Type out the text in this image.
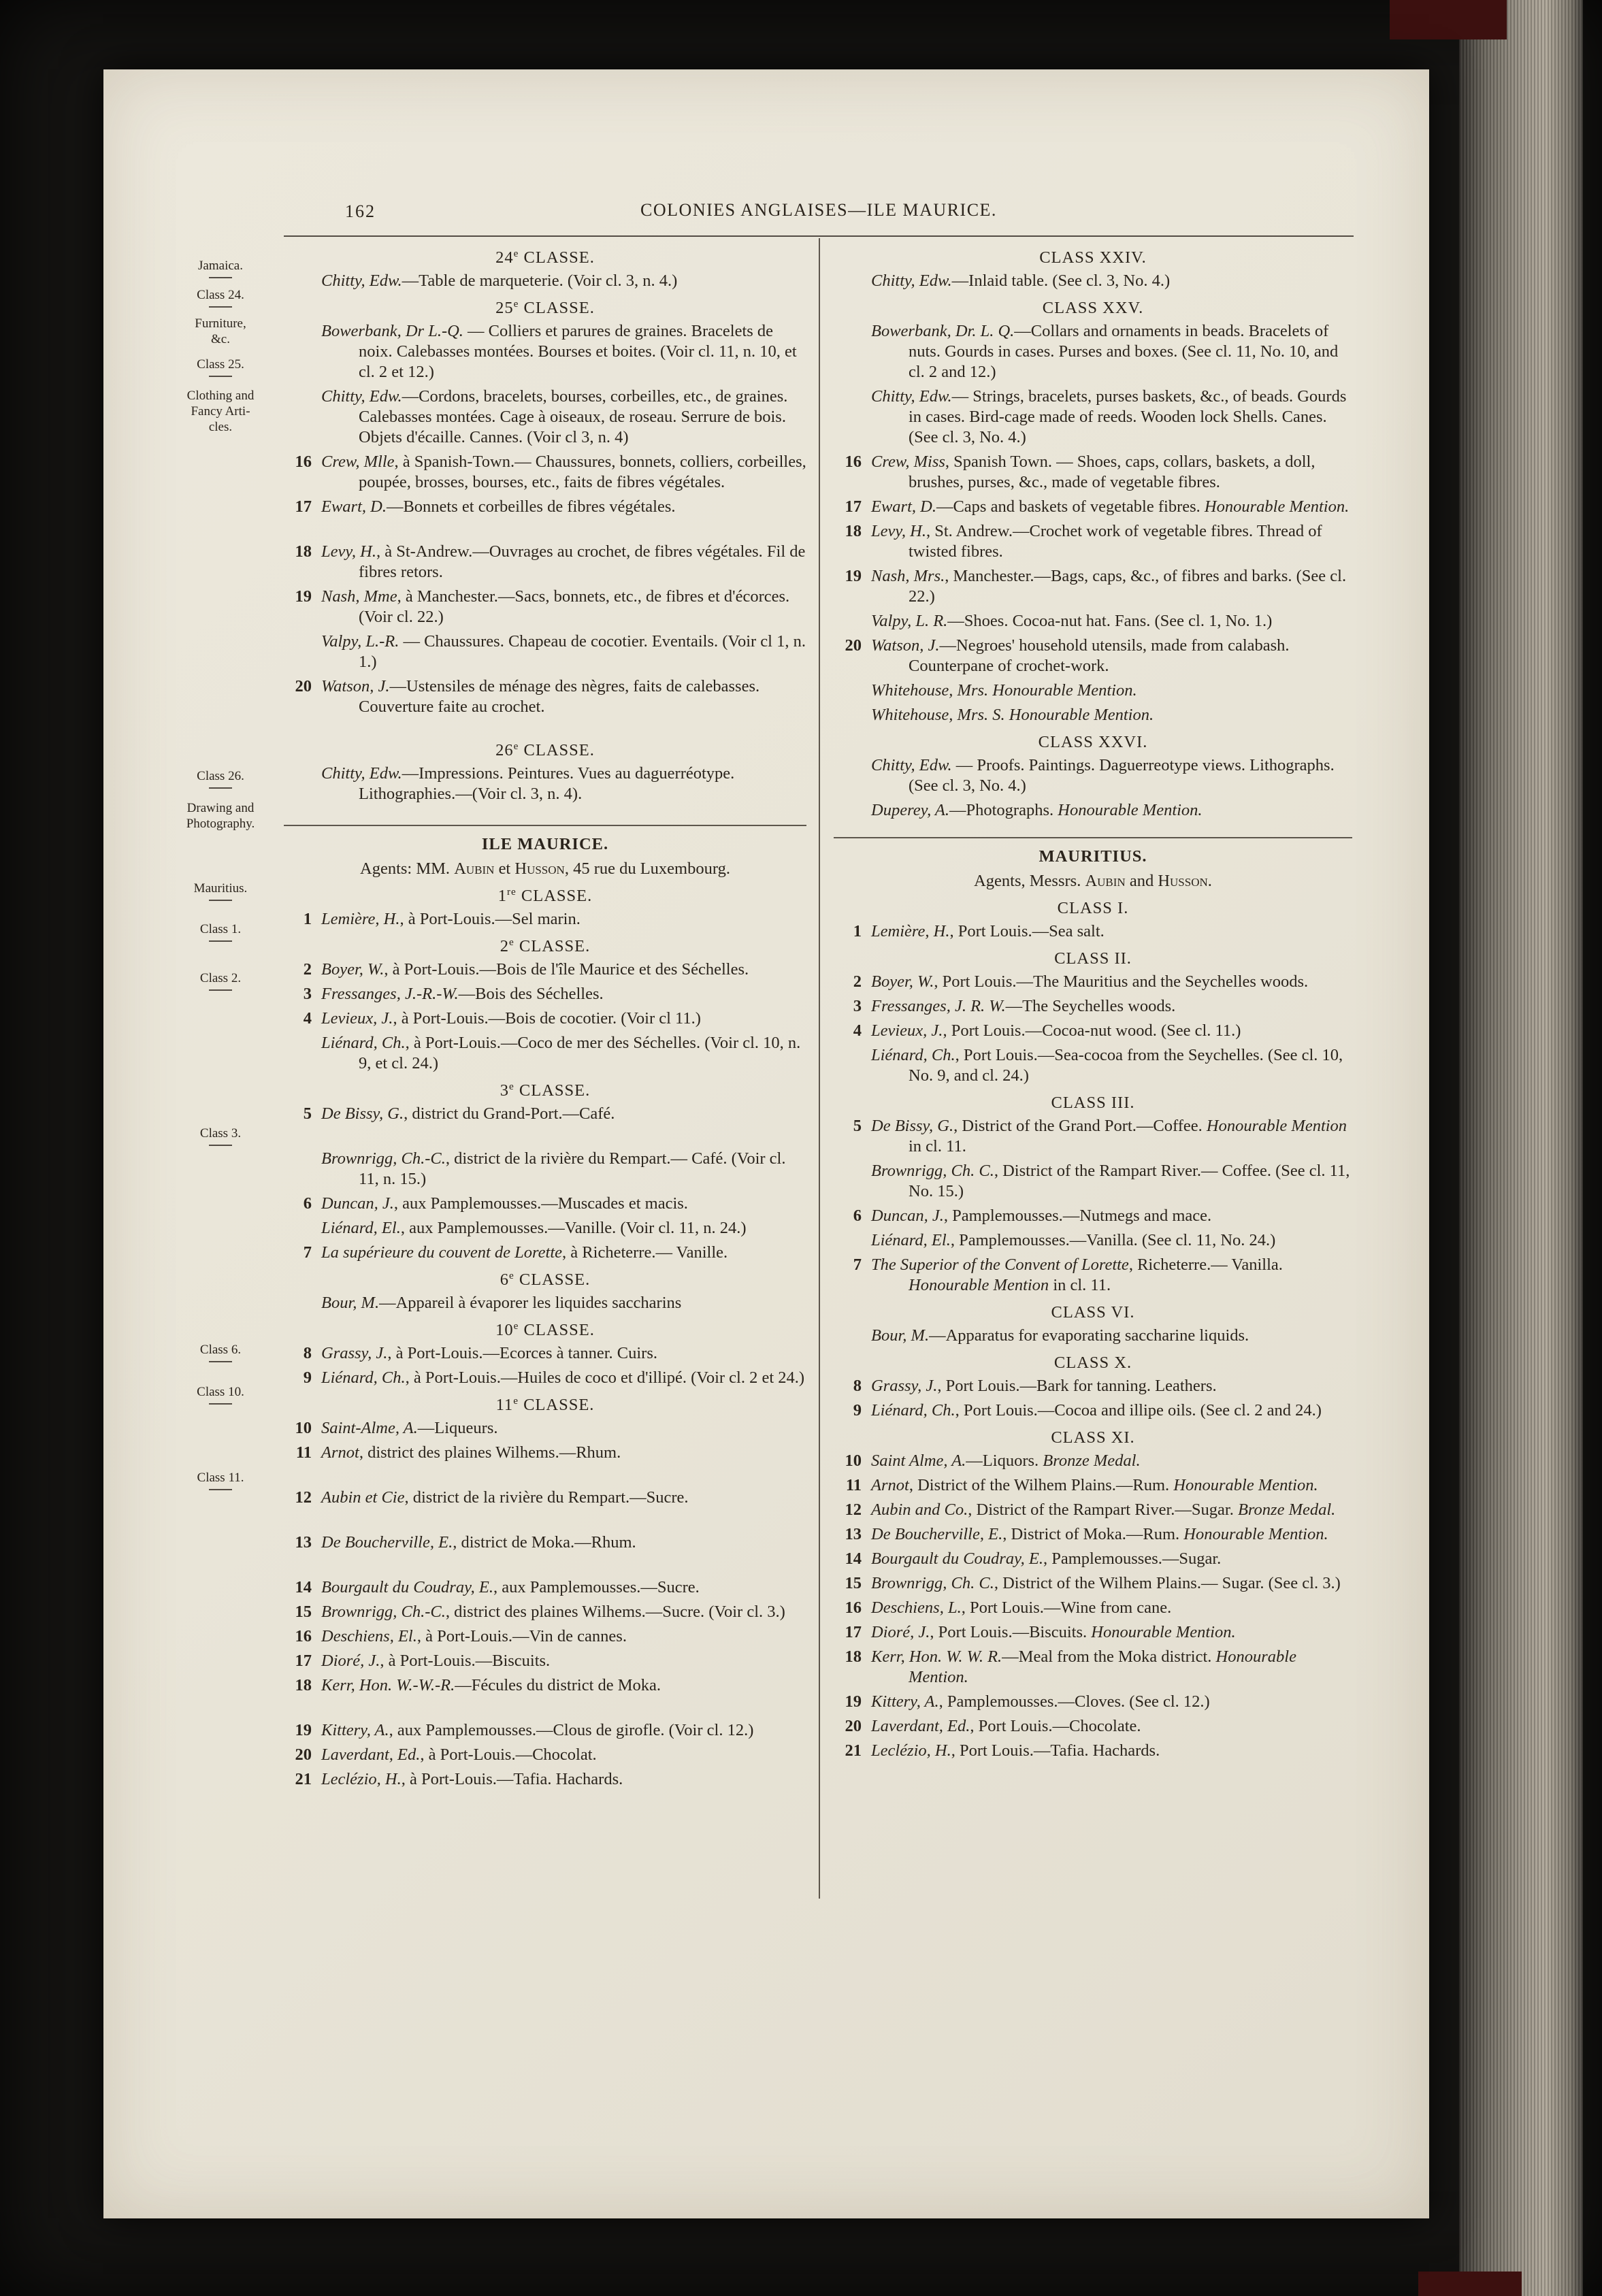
162	COLONIES ANGLAISES—ILE MAURICE.
Jamaica.
Class 24.
Furniture,
&c.
Class 25.
Clothing and
Fancy Arti-
cles.
Class 26.
Drawing and
Photography.
Mauritius.
Class 1.
Class 2.
Class 3.
Class 6.
Class 10.
Class 11.
24e CLASSE.
Chitty, Edw.—Table de marqueterie. (Voir cl. 3, n. 4.)
25e CLASSE.
Bowerbank, Dr L.-Q. — Colliers et parures de graines. Bracelets de noix. Calebasses montées. Bourses et boites. (Voir cl. 11, n. 10, et cl. 2 et 12.)
Chitty, Edw.—Cordons, bracelets, bourses, corbeilles, etc., de graines. Calebasses montées. Cage à oiseaux, de roseau. Serrure de bois. Objets d'écaille. Cannes. (Voir cl 3, n. 4)
16 Crew, Mlle, à Spanish-Town.— Chaussures, bonnets, colliers, corbeilles, poupée, brosses, bourses, etc., faits de fibres végétales.
17 Ewart, D.—Bonnets et corbeilles de fibres végétales.
18 Levy, H., à St-Andrew.—Ouvrages au crochet, de fibres végétales. Fil de fibres retors.
19 Nash, Mme, à Manchester.—Sacs, bonnets, etc., de fibres et d'écorces. (Voir cl. 22.)
Valpy, L.-R. — Chaussures. Chapeau de cocotier. Eventails. (Voir cl 1, n. 1.)
20 Watson, J.—Ustensiles de ménage des nègres, faits de calebasses. Couverture faite au crochet.
26e CLASSE.
Chitty, Edw.—Impressions. Peintures. Vues au daguerréotype. Lithographies.—(Voir cl. 3, n. 4).
ILE MAURICE.
Agents: MM. Aubin et Husson, 45 rue du Luxembourg.
1re CLASSE.
1 Lemière, H., à Port-Louis.—Sel marin.
2e CLASSE.
2 Boyer, W., à Port-Louis.—Bois de l'île Maurice et des Séchelles.
3 Fressanges, J.-R.-W.—Bois des Séchelles.
4 Levieux, J., à Port-Louis.—Bois de cocotier. (Voir cl 11.)
Liénard, Ch., à Port-Louis.—Coco de mer des Séchelles. (Voir cl. 10, n. 9, et cl. 24.)
3e CLASSE.
5 De Bissy, G., district du Grand-Port.—Café.
Brownrigg, Ch.-C., district de la rivière du Rempart.— Café. (Voir cl. 11, n. 15.)
6 Duncan, J., aux Pamplemousses.—Muscades et macis.
Liénard, El., aux Pamplemousses.—Vanille. (Voir cl. 11, n. 24.)
7 La supérieure du couvent de Lorette, à Richeterre.— Vanille.
6e CLASSE.
Bour, M.—Appareil à évaporer les liquides saccharins
10e CLASSE.
8 Grassy, J., à Port-Louis.—Ecorces à tanner. Cuirs.
9 Liénard, Ch., à Port-Louis.—Huiles de coco et d'illipé. (Voir cl. 2 et 24.)
11e CLASSE.
10 Saint-Alme, A.—Liqueurs.
11 Arnot, district des plaines Wilhems.—Rhum.
12 Aubin et Cie, district de la rivière du Rempart.—Sucre.
13 De Boucherville, E., district de Moka.—Rhum.
14 Bourgault du Coudray, E., aux Pamplemousses.—Sucre.
15 Brownrigg, Ch.-C., district des plaines Wilhems.—Sucre. (Voir cl. 3.)
16 Deschiens, El., à Port-Louis.—Vin de cannes.
17 Dioré, J., à Port-Louis.—Biscuits.
18 Kerr, Hon. W.-W.-R.—Fécules du district de Moka.
19 Kittery, A., aux Pamplemousses.—Clous de girofle. (Voir cl. 12.)
20 Laverdant, Ed., à Port-Louis.—Chocolat.
21 Leclézio, H., à Port-Louis.—Tafia. Hachards.
CLASS XXIV.
Chitty, Edw.—Inlaid table. (See cl. 3, No. 4.)
CLASS XXV.
Bowerbank, Dr. L. Q.—Collars and ornaments in beads. Bracelets of nuts. Gourds in cases. Purses and boxes. (See cl. 11, No. 10, and cl. 2 and 12.)
Chitty, Edw.— Strings, bracelets, purses baskets, &c., of beads. Gourds in cases. Bird-cage made of reeds. Wooden lock Shells. Canes. (See cl. 3, No. 4.)
16 Crew, Miss, Spanish Town. — Shoes, caps, collars, baskets, a doll, brushes, purses, &c., made of vegetable fibres.
17 Ewart, D.—Caps and baskets of vegetable fibres. Honourable Mention.
18 Levy, H., St. Andrew.—Crochet work of vegetable fibres. Thread of twisted fibres.
19 Nash, Mrs., Manchester.—Bags, caps, &c., of fibres and barks. (See cl. 22.)
Valpy, L. R.—Shoes. Cocoa-nut hat. Fans. (See cl. 1, No. 1.)
20 Watson, J.—Negroes' household utensils, made from calabash. Counterpane of crochet-work.
Whitehouse, Mrs. Honourable Mention.
Whitehouse, Mrs. S. Honourable Mention.
CLASS XXVI.
Chitty, Edw. — Proofs. Paintings. Daguerreotype views. Lithographs. (See cl. 3, No. 4.)
Duperey, A.—Photographs. Honourable Mention.
MAURITIUS.
Agents, Messrs. Aubin and Husson.
CLASS I.
1 Lemière, H., Port Louis.—Sea salt.
CLASS II.
2 Boyer, W., Port Louis.—The Mauritius and the Seychelles woods.
3 Fressanges, J. R. W.—The Seychelles woods.
4 Levieux, J., Port Louis.—Cocoa-nut wood. (See cl. 11.)
Liénard, Ch., Port Louis.—Sea-cocoa from the Seychelles. (See cl. 10, No. 9, and cl. 24.)
CLASS III.
5 De Bissy, G., District of the Grand Port.—Coffee. Honourable Mention in cl. 11.
Brownrigg, Ch. C., District of the Rampart River.— Coffee. (See cl. 11, No. 15.)
6 Duncan, J., Pamplemousses.—Nutmegs and mace.
Liénard, El., Pamplemousses.—Vanilla. (See cl. 11, No. 24.)
7 The Superior of the Convent of Lorette, Richeterre.— Vanilla. Honourable Mention in cl. 11.
CLASS VI.
Bour, M.—Apparatus for evaporating saccharine liquids.
CLASS X.
8 Grassy, J., Port Louis.—Bark for tanning. Leathers.
9 Liénard, Ch., Port Louis.—Cocoa and illipe oils. (See cl. 2 and 24.)
CLASS XI.
10 Saint Alme, A.—Liquors. Bronze Medal.
11 Arnot, District of the Wilhem Plains.—Rum. Honourable Mention.
12 Aubin and Co., District of the Rampart River.—Sugar. Bronze Medal.
13 De Boucherville, E., District of Moka.—Rum. Honourable Mention.
14 Bourgault du Coudray, E., Pamplemousses.—Sugar.
15 Brownrigg, Ch. C., District of the Wilhem Plains.— Sugar. (See cl. 3.)
16 Deschiens, L., Port Louis.—Wine from cane.
17 Dioré, J., Port Louis.—Biscuits. Honourable Mention.
18 Kerr, Hon. W. W. R.—Meal from the Moka district. Honourable Mention.
19 Kittery, A., Pamplemousses.—Cloves. (See cl. 12.)
20 Laverdant, Ed., Port Louis.—Chocolate.
21 Leclézio, H., Port Louis.—Tafia. Hachards.
